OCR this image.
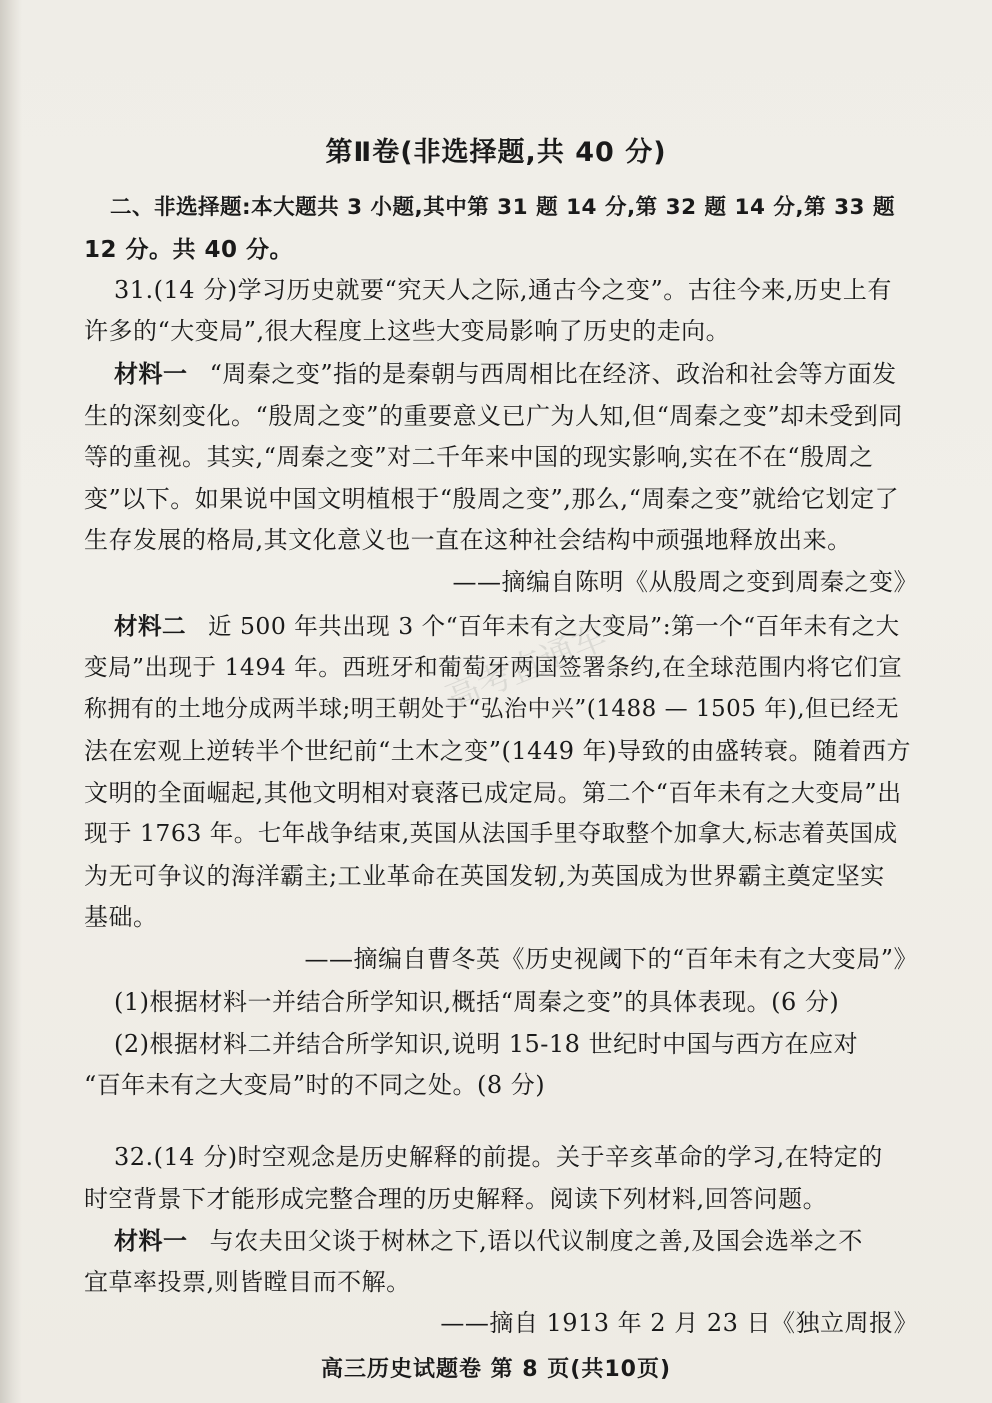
高考直通车
第Ⅱ卷(非选择题,共 40 分)
二、非选择题:本大题共 3 小题,其中第 31 题 14 分,第 32 题 14 分,第 33 题
12 分。共 40 分。
31.(14 分)学习历史就要“究天人之际,通古今之变”。古往今来,历史上有
许多的“大变局”,很大程度上这些大变局影响了历史的走向。
材料一 “周秦之变”指的是秦朝与西周相比在经济、政治和社会等方面发
生的深刻变化。“殷周之变”的重要意义已广为人知,但“周秦之变”却未受到同
等的重视。其实,“周秦之变”对二千年来中国的现实影响,实在不在“殷周之
变”以下。如果说中国文明植根于“殷周之变”,那么,“周秦之变”就给它划定了
生存发展的格局,其文化意义也一直在这种社会结构中顽强地释放出来。
——摘编自陈明《从殷周之变到周秦之变》
材料二 近 500 年共出现 3 个“百年未有之大变局”:第一个“百年未有之大
变局”出现于 1494 年。西班牙和葡萄牙两国签署条约,在全球范围内将它们宣
称拥有的土地分成两半球;明王朝处于“弘治中兴”(1488 — 1505 年),但已经无
法在宏观上逆转半个世纪前“土木之变”(1449 年)导致的由盛转衰。随着西方
文明的全面崛起,其他文明相对衰落已成定局。第二个“百年未有之大变局”出
现于 1763 年。七年战争结束,英国从法国手里夺取整个加拿大,标志着英国成
为无可争议的海洋霸主;工业革命在英国发轫,为英国成为世界霸主奠定坚实
基础。
——摘编自曹冬英《历史视阈下的“百年未有之大变局”》
(1)根据材料一并结合所学知识,概括“周秦之变”的具体表现。(6 分)
(2)根据材料二并结合所学知识,说明 15-18 世纪时中国与西方在应对
“百年未有之大变局”时的不同之处。(8 分)
32.(14 分)时空观念是历史解释的前提。关于辛亥革命的学习,在特定的
时空背景下才能形成完整合理的历史解释。阅读下列材料,回答问题。
材料一 与农夫田父谈于树林之下,语以代议制度之善,及国会选举之不
宜草率投票,则皆瞠目而不解。
——摘自 1913 年 2 月 23 日《独立周报》
高三历史试题卷 第 8 页(共10页)
